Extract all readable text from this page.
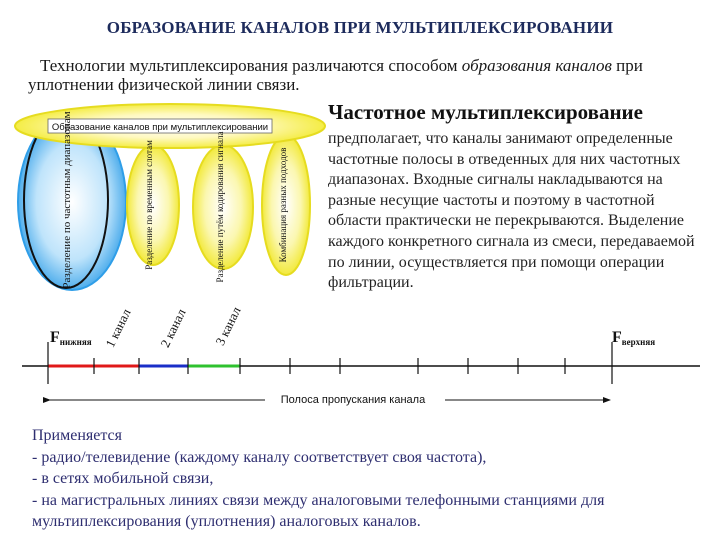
ОБРАЗОВАНИЕ КАНАЛОВ ПРИ МУЛЬТИПЛЕКСИРОВАНИИ
Технологии мультиплексирования различаются способом образования каналов при уплотнении физической линии связи.
Образование каналов при мультиплексировании
Разделение по частотным диапазонам	Разделение по временным слотам	Разделение путём кодирования сигнала	Комбинация разных подходов
1 канал 2 канал 3 канал
Fнижняя	Fверхняя
Полоса пропускания канала
Частотное мультиплексирование
предполагает, что каналы занимают определенные частотные полосы в отведенных для них частотных диапазонах. Входные сигналы накладываются на разные несущие частоты и поэтому в частотной области практически не перекрываются. Выделение каждого конкретного сигнала из смеси, передаваемой по линии, осуществляется при помощи операции фильтрации.
Применяется
- радио/телевидение (каждому каналу соответствует своя частота),
- в сетях мобильной связи,
- на магистральных линиях связи между аналоговыми телефонными станциями для мультиплексирования (уплотнения) аналоговых каналов.
